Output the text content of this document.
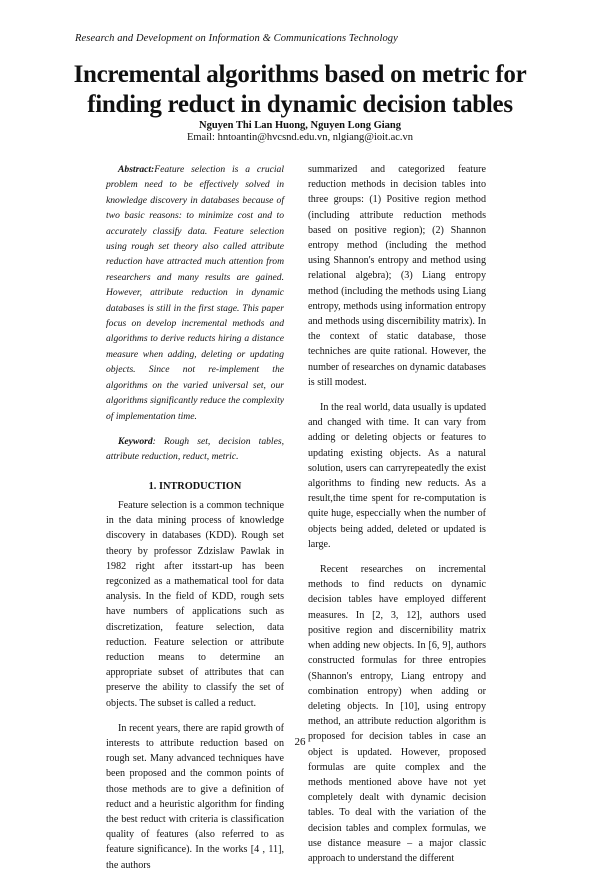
Research and Development on Information & Communications Technology
Incremental algorithms based on metric for
finding reduct in dynamic decision tables
Nguyen Thi Lan Huong, Nguyen Long Giang
Email: hntoantin@hvcsnd.edu.vn, nlgiang@ioit.ac.vn

Abstract:Feature selection is a crucial problem need to be effectively solved in knowledge discovery in databases because of two basic reasons: to minimize cost and to accurately classify data. Feature selection using rough set theory also called attribute reduction have attracted much attention from researchers and many results are gained. However, attribute reduction in dynamic databases is still in the first stage. This paper focus on develop incremental methods and algorithms to derive reducts hiring a distance measure when adding, deleting or updating objects. Since not re-implement the algorithms on the varied universal set, our algorithms significantly reduce the complexity of implementation time.

Keyword: Rough set, decision tables, attribute reduction, reduct, metric.

1. INTRODUCTION

Feature selection is a common technique in the data mining process of knowledge discovery in databases (KDD). Rough set theory by professor Zdzislaw Pawlak in 1982 right after itsstart-up has been regconized as a mathematical tool for data analysis. In the field of KDD, rough sets have numbers of applications such as discretization, feature selection, data reduction. Feature selection or attribute reduction means to determine an appropriate subset of attributes that can preserve the ability to classify the set of objects. The subset is called a reduct.

In recent years, there are rapid growth of interests to attribute reduction based on rough set. Many advanced techniques have been proposed and the common points of those methods are to give a definition of reduct and a heuristic algorithm for finding the best reduct with criteria is classification quality of features (also referred to as feature significance). In the works [4 , 11], the authors

summarized and categorized feature reduction methods in decision tables into three groups: (1) Positive region method (including attribute reduction methods based on positive region); (2) Shannon entropy method (including the method using Shannon's entropy and method using relational algebra); (3) Liang entropy method (including the methods using Liang entropy, methods using information entropy and methods using discernibility matrix). In the context of static database, those techniches are quite rational. However, the number of researches on dynamic databases is still modest.

In the real world, data usually is updated and changed with time. It can vary from adding or deleting objects or features to updating existing objects. As a natural solution, users can carryrepeatedly the exist algorithms to finding new reducts. As a result,the time spent for re-computation is quite huge, especcially when the number of objects being added, deleted or updated is large.

Recent researches on incremental methods to find reducts on dynamic decision tables have employed different measures. In [2, 3, 12], authors used positive region and discernibility matrix when adding new objects. In [6, 9], authors constructed formulas for three entropies (Shannon's entropy, Liang entropy and combination entropy) when adding or deleting objects. In [10], using entropy method, an attribute reduction algorithm is proposed for decision tables in case an object is updated. However, proposed formulas are quite complex and the methods mentioned above have not yet completely dealt with dynamic decision tables. To deal with the variation of the decision tables and complex formulas, we use distance measure – a major classic approach to understand the different

26
